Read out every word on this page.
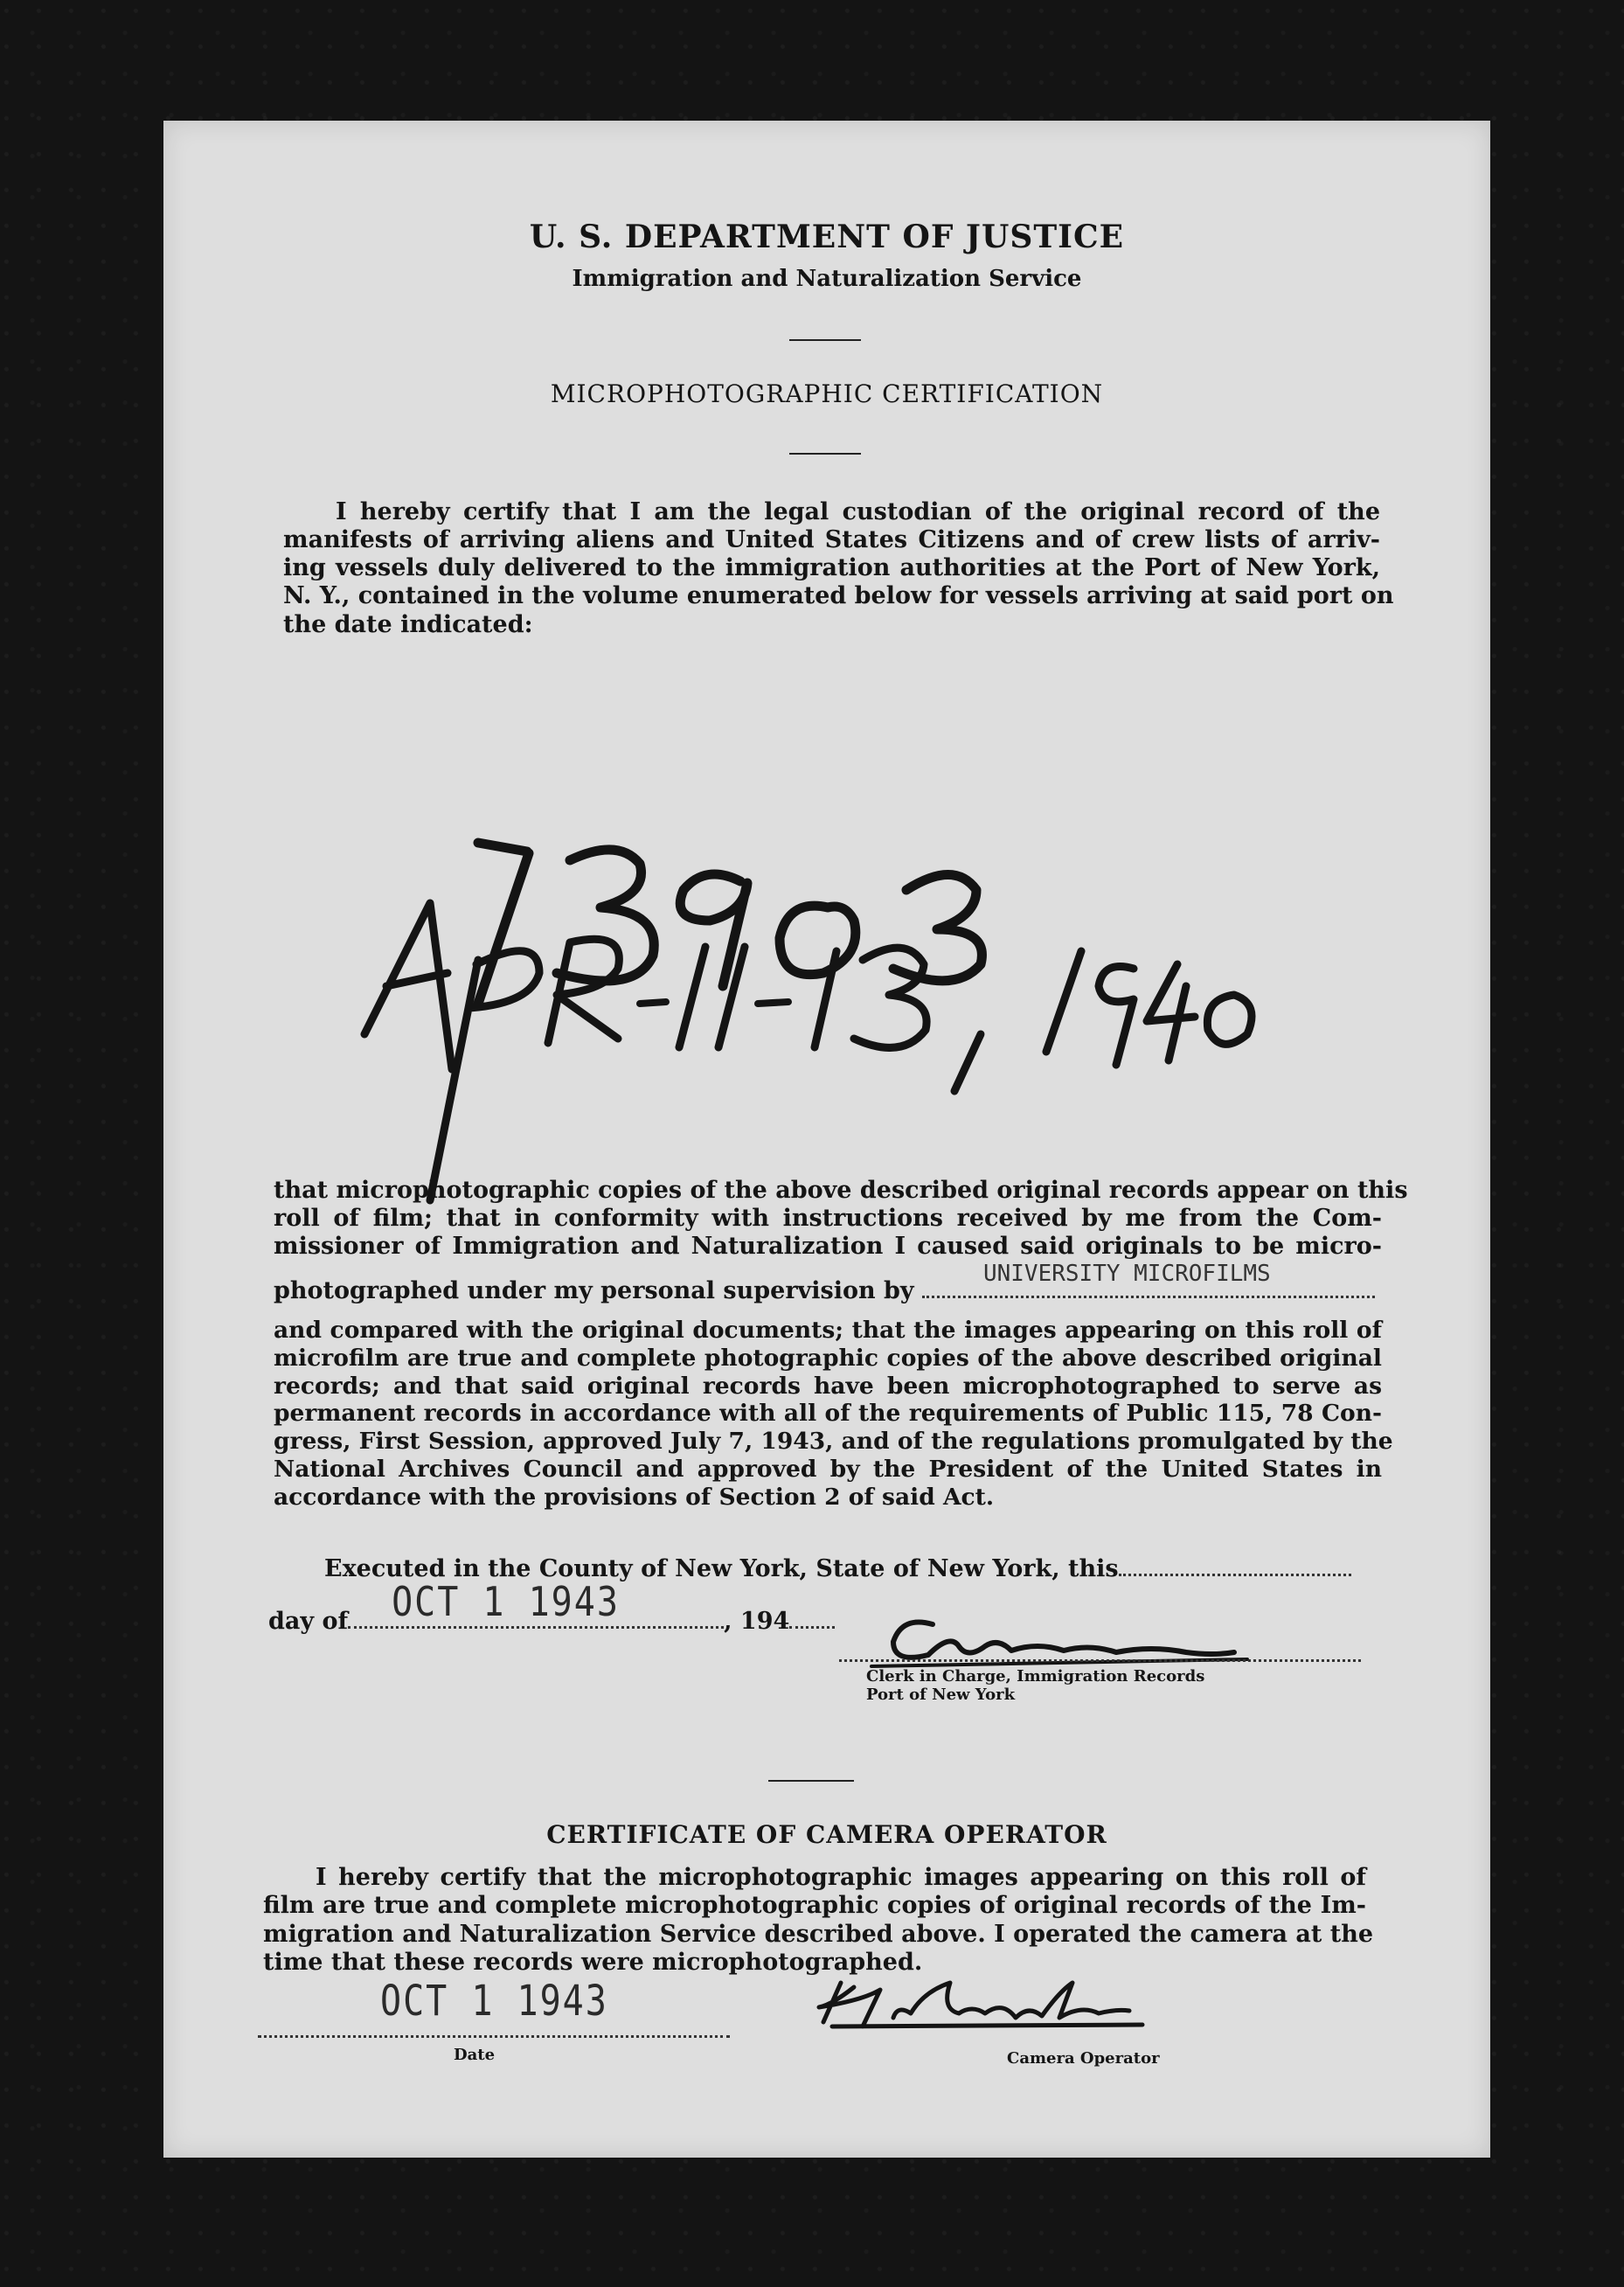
U. S. DEPARTMENT OF JUSTICE
Immigration and Naturalization Service
MICROPHOTOGRAPHIC CERTIFICATION
I hereby certify that I am the legal custodian of the original record of the
manifests of arriving aliens and United States Citizens and of crew lists of arriv-
ing vessels duly delivered to the immigration authorities at the Port of New York,
N. Y., contained in the volume enumerated below for vessels arriving at said port on
the date indicated:
that microphotographic copies of the above described original records appear on this
roll of film; that in conformity with instructions received by me from the Com-
missioner of Immigration and Naturalization I caused said originals to be micro-
photographed under my personal supervision by
UNIVERSITY MICROFILMS
and compared with the original documents; that the images appearing on this roll of
microfilm are true and complete photographic copies of the above described original
records; and that said original records have been microphotographed to serve as
permanent records in accordance with all of the requirements of Public 115, 78 Con-
gress, First Session, approved July 7, 1943, and of the regulations promulgated by the
National Archives Council and approved by the President of the United States in
accordance with the provisions of Section 2 of said Act.
Executed in the County of New York, State of New York, this
day of OCT 1 1943	, 194
Clerk in Charge, Immigration Records
Port of New York
CERTIFICATE OF CAMERA OPERATOR
I hereby certify that the microphotographic images appearing on this roll of
film are true and complete microphotographic copies of original records of the Im-
migration and Naturalization Service described above. I operated the camera at the
time that these records were microphotographed.
OCT 1 1943
Date	Camera Operator
